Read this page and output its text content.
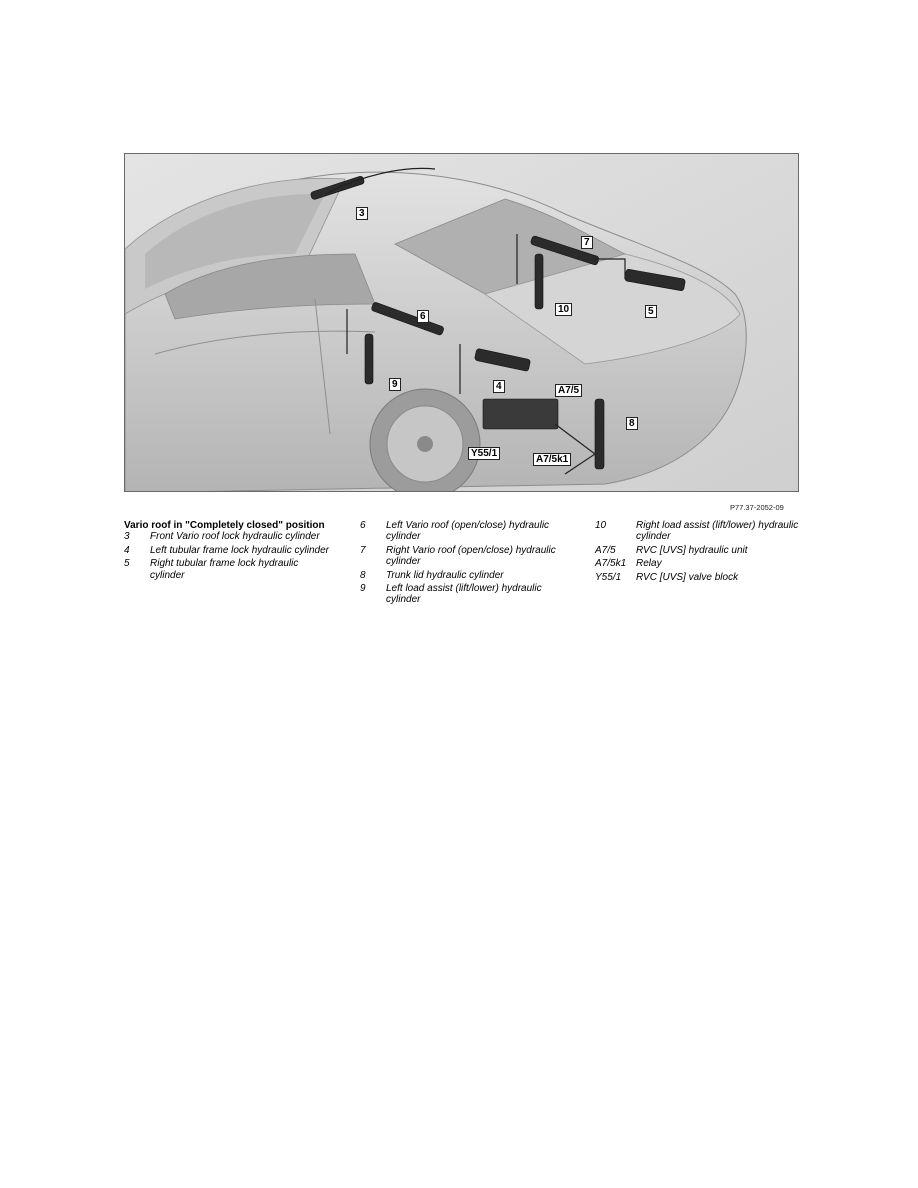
3
7
5
10
6
4
9
A7/5
8
Y55/1
A7/5k1
P77.37-2052-09
Vario roof in "Completely closed" position
3	Front Vario roof lock hydraulic cylinder
4	Left tubular frame lock hydraulic cylinder
5	Right tubular frame lock hydraulic cylinder
6	Left Vario roof (open/close) hydraulic cylinder
7	Right Vario roof (open/close) hydraulic cylinder
8	Trunk lid hydraulic cylinder
9	Left load assist (lift/lower) hydraulic cylinder
10	Right load assist (lift/lower) hydraulic cylinder
A7/5	RVC [UVS] hydraulic unit
A7/5k1 Relay
Y55/1	RVC [UVS] valve block
